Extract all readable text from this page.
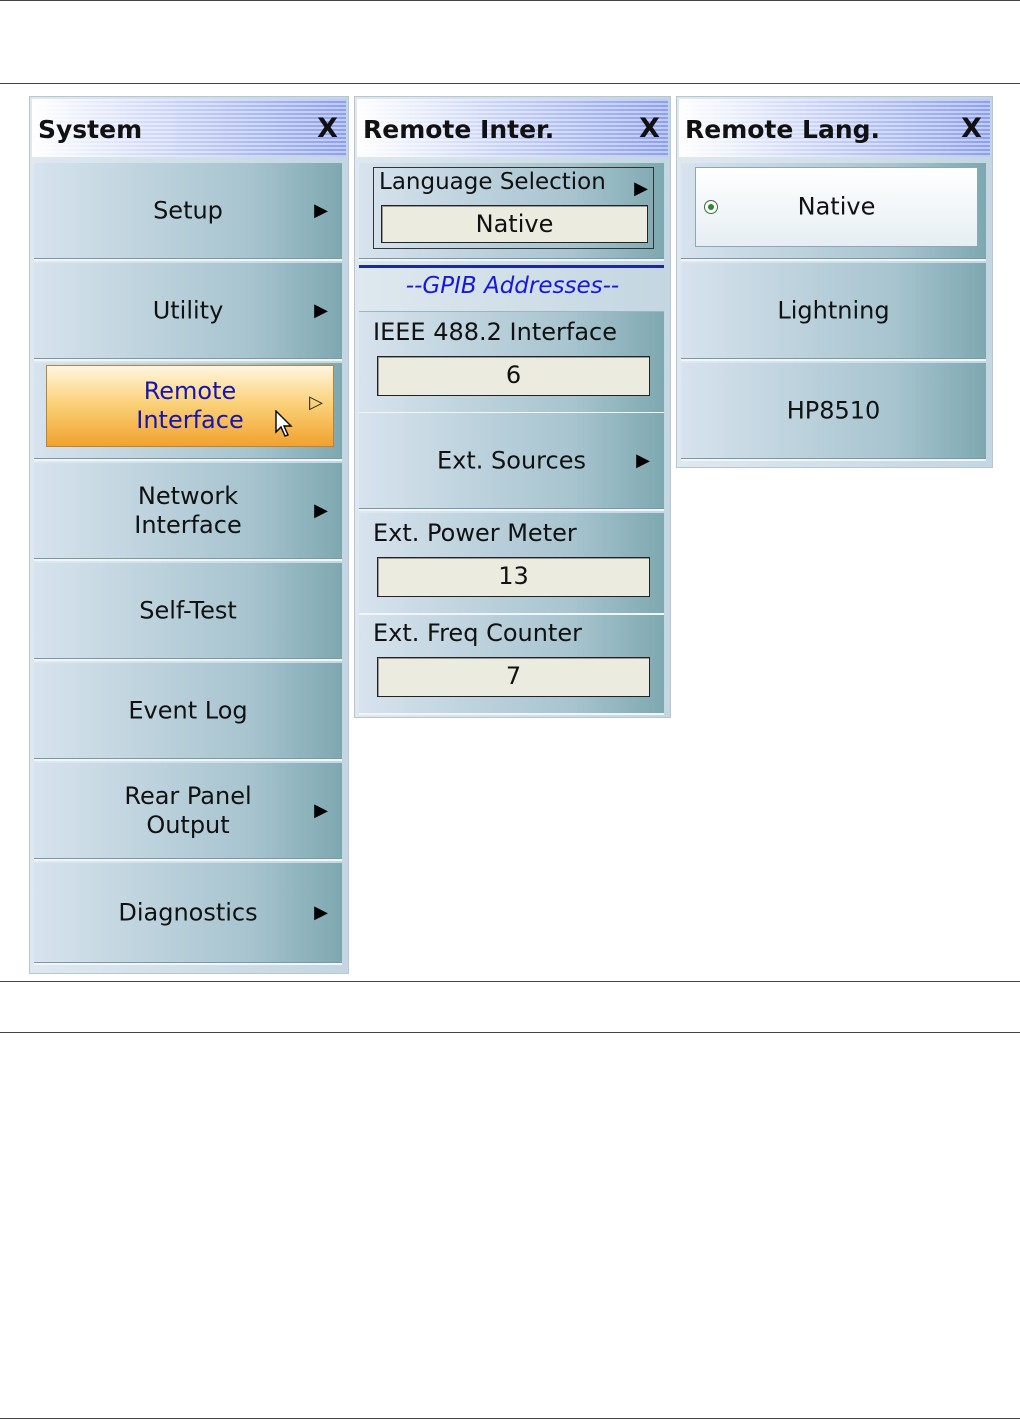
System	X
Setup	▶
Utility	▶
Remote
Interface
▷
Network
Interface
▶
Self-Test
Event Log
Rear Panel
Output
▶
Diagnostics	▶
Remote Inter.	X
Language Selection ▶
Native
--GPIB Addresses--
IEEE 488.2 Interface
6
Ext. Sources	▶
Ext. Power Meter
13
Ext. Freq Counter
7
Remote Lang.	X
Native
Lightning
HP8510
